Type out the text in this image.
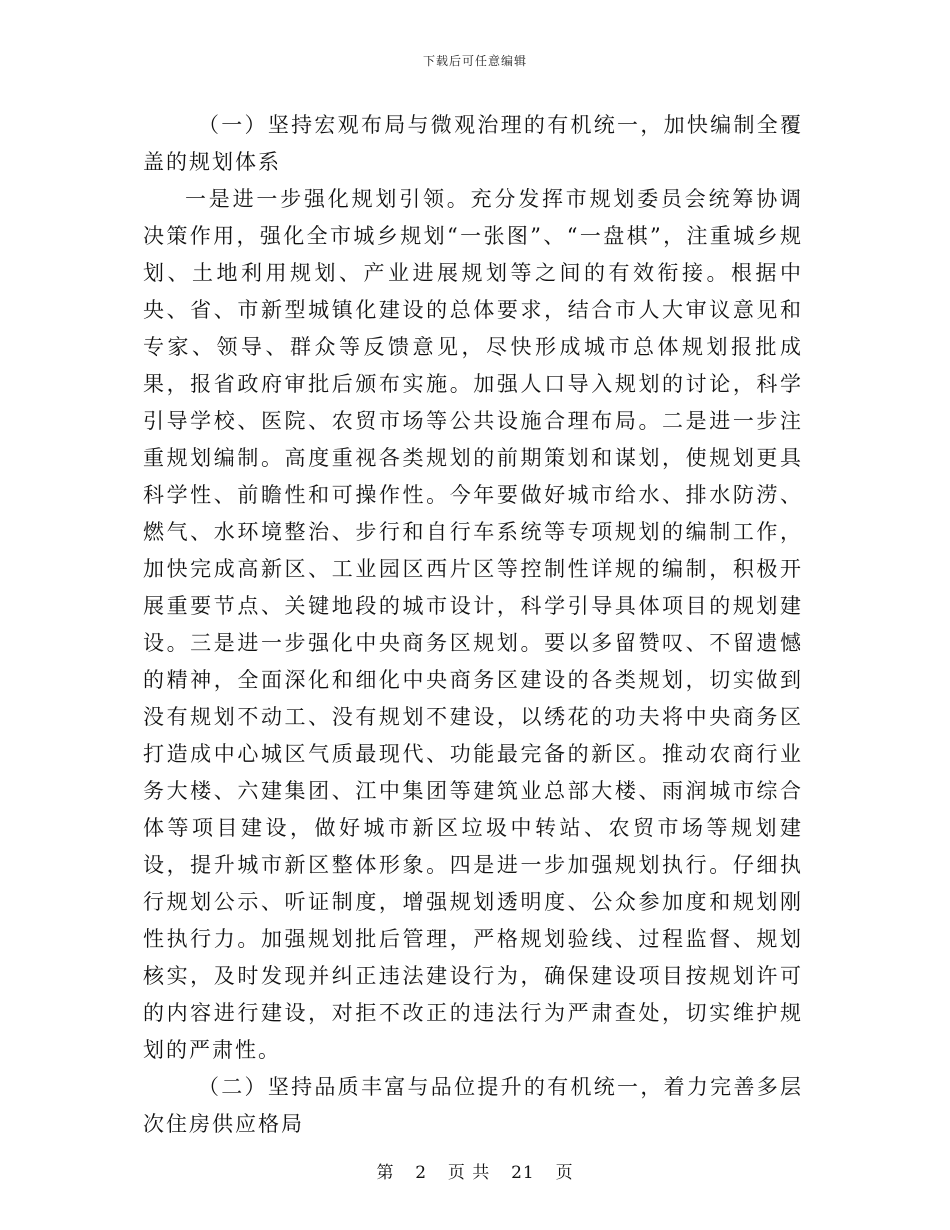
下载后可任意编辑

（一）坚持宏观布局与微观治理的有机统一，加快编制全覆盖的规划体系

一是进一步强化规划引领。充分发挥市规划委员会统筹协调决策作用，强化全市城乡规划“一张图”、“一盘棋”，注重城乡规划、土地利用规划、产业进展规划等之间的有效衔接。根据中央、省、市新型城镇化建设的总体要求，结合市人大审议意见和专家、领导、群众等反馈意见，尽快形成城市总体规划报批成果，报省政府审批后颁布实施。加强人口导入规划的讨论，科学引导学校、医院、农贸市场等公共设施合理布局。二是进一步注重规划编制。高度重视各类规划的前期策划和谋划，使规划更具科学性、前瞻性和可操作性。今年要做好城市给水、排水防涝、燃气、水环境整治、步行和自行车系统等专项规划的编制工作，加快完成高新区、工业园区西片区等控制性详规的编制，积极开展重要节点、关键地段的城市设计，科学引导具体项目的规划建设。三是进一步强化中央商务区规划。要以多留赞叹、不留遗憾的精神，全面深化和细化中央商务区建设的各类规划，切实做到没有规划不动工、没有规划不建设，以绣花的功夫将中央商务区打造成中心城区气质最现代、功能最完备的新区。推动农商行业务大楼、六建集团、江中集团等建筑业总部大楼、雨润城市综合体等项目建设，做好城市新区垃圾中转站、农贸市场等规划建设，提升城市新区整体形象。四是进一步加强规划执行。仔细执行规划公示、听证制度，增强规划透明度、公众参加度和规划刚性执行力。加强规划批后管理，严格规划验线、过程监督、规划核实，及时发现并纠正违法建设行为，确保建设项目按规划许可的内容进行建设，对拒不改正的违法行为严肃查处，切实维护规划的严肃性。

（二）坚持品质丰富与品位提升的有机统一，着力完善多层次住房供应格局

第 2 页 共 21 页
